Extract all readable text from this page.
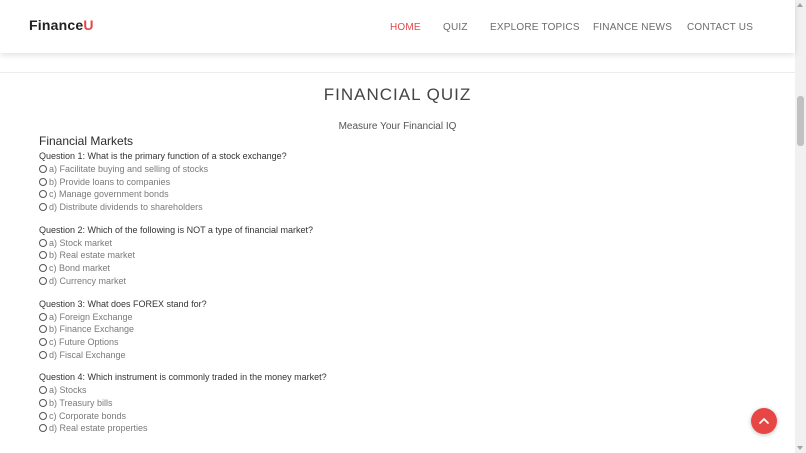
FinanceU	HOME QUIZ EXPLORE TOPICS FINANCE NEWS CONTACT US
FINANCIAL QUIZ
Measure Your Financial IQ
Financial Markets
Question 1: What is the primary function of a stock exchange?
a) Facilitate buying and selling of stocks
b) Provide loans to companies
c) Manage government bonds
d) Distribute dividends to shareholders
Question 2: Which of the following is NOT a type of financial market?
a) Stock market
b) Real estate market
c) Bond market
d) Currency market
Question 3: What does FOREX stand for?
a) Foreign Exchange
b) Finance Exchange
c) Future Options
d) Fiscal Exchange
Question 4: Which instrument is commonly traded in the money market?
a) Stocks
b) Treasury bills
c) Corporate bonds
d) Real estate properties
